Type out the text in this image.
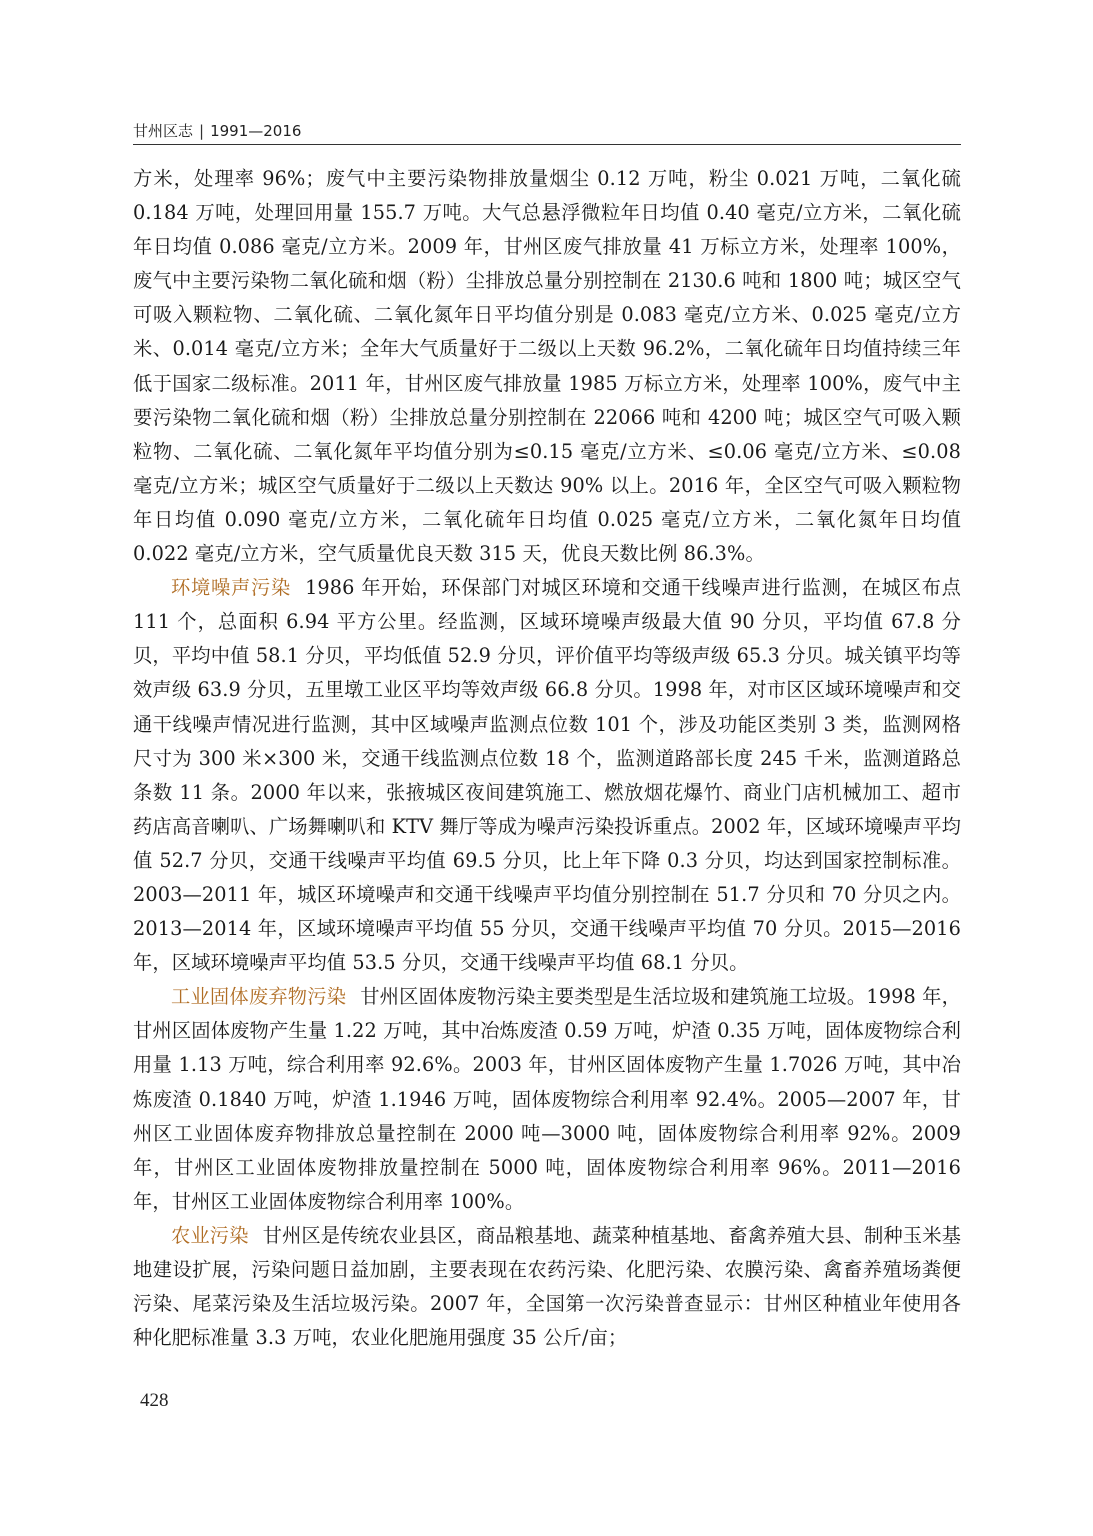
甘州区志 | 1991—2016

方米，处理率 96%；废气中主要污染物排放量烟尘 0.12 万吨，粉尘 0.021 万吨，二氧化硫 0.184 万吨，处理回用量 155.7 万吨。大气总悬浮微粒年日均值 0.40 毫克/立方米，二氧化硫年日均值 0.086 毫克/立方米。2009 年，甘州区废气排放量 41 万标立方米，处理率 100%，废气中主要污染物二氧化硫和烟（粉）尘排放总量分别控制在 2130.6 吨和 1800 吨；城区空气可吸入颗粒物、二氧化硫、二氧化氮年日平均值分别是 0.083 毫克/立方米、0.025 毫克/立方米、0.014 毫克/立方米；全年大气质量好于二级以上天数 96.2%，二氧化硫年日均值持续三年低于国家二级标准。2011 年，甘州区废气排放量 1985 万标立方米，处理率 100%，废气中主要污染物二氧化硫和烟（粉）尘排放总量分别控制在 22066 吨和 4200 吨；城区空气可吸入颗粒物、二氧化硫、二氧化氮年平均值分别为≤0.15 毫克/立方米、≤0.06 毫克/立方米、≤0.08 毫克/立方米；城区空气质量好于二级以上天数达 90% 以上。2016 年，全区空气可吸入颗粒物年日均值 0.090 毫克/立方米，二氧化硫年日均值 0.025 毫克/立方米，二氧化氮年日均值 0.022 毫克/立方米，空气质量优良天数 315 天，优良天数比例 86.3%。

环境噪声污染 1986 年开始，环保部门对城区环境和交通干线噪声进行监测，在城区布点 111 个，总面积 6.94 平方公里。经监测，区域环境噪声级最大值 90 分贝，平均值 67.8 分贝，平均中值 58.1 分贝，平均低值 52.9 分贝，评价值平均等级声级 65.3 分贝。城关镇平均等效声级 63.9 分贝，五里墩工业区平均等效声级 66.8 分贝。1998 年，对市区区域环境噪声和交通干线噪声情况进行监测，其中区域噪声监测点位数 101 个，涉及功能区类别 3 类，监测网格尺寸为 300 米×300 米，交通干线监测点位数 18 个，监测道路部长度 245 千米，监测道路总条数 11 条。2000 年以来，张掖城区夜间建筑施工、燃放烟花爆竹、商业门店机械加工、超市药店高音喇叭、广场舞喇叭和 KTV 舞厅等成为噪声污染投诉重点。2002 年，区域环境噪声平均值 52.7 分贝，交通干线噪声平均值 69.5 分贝，比上年下降 0.3 分贝，均达到国家控制标准。2003—2011 年，城区环境噪声和交通干线噪声平均值分别控制在 51.7 分贝和 70 分贝之内。2013—2014 年，区域环境噪声平均值 55 分贝，交通干线噪声平均值 70 分贝。2015—2016 年，区域环境噪声平均值 53.5 分贝，交通干线噪声平均值 68.1 分贝。

工业固体废弃物污染 甘州区固体废物污染主要类型是生活垃圾和建筑施工垃圾。1998 年，甘州区固体废物产生量 1.22 万吨，其中冶炼废渣 0.59 万吨，炉渣 0.35 万吨，固体废物综合利用量 1.13 万吨，综合利用率 92.6%。2003 年，甘州区固体废物产生量 1.7026 万吨，其中冶炼废渣 0.1840 万吨，炉渣 1.1946 万吨，固体废物综合利用率 92.4%。2005—2007 年，甘州区工业固体废弃物排放总量控制在 2000 吨—3000 吨，固体废物综合利用率 92%。2009 年，甘州区工业固体废物排放量控制在 5000 吨，固体废物综合利用率 96%。2011—2016 年，甘州区工业固体废物综合利用率 100%。

农业污染 甘州区是传统农业县区，商品粮基地、蔬菜种植基地、畜禽养殖大县、制种玉米基地建设扩展，污染问题日益加剧，主要表现在农药污染、化肥污染、农膜污染、禽畜养殖场粪便污染、尾菜污染及生活垃圾污染。2007 年，全国第一次污染普查显示：甘州区种植业年使用各种化肥标准量 3.3 万吨，农业化肥施用强度 35 公斤/亩；

428
